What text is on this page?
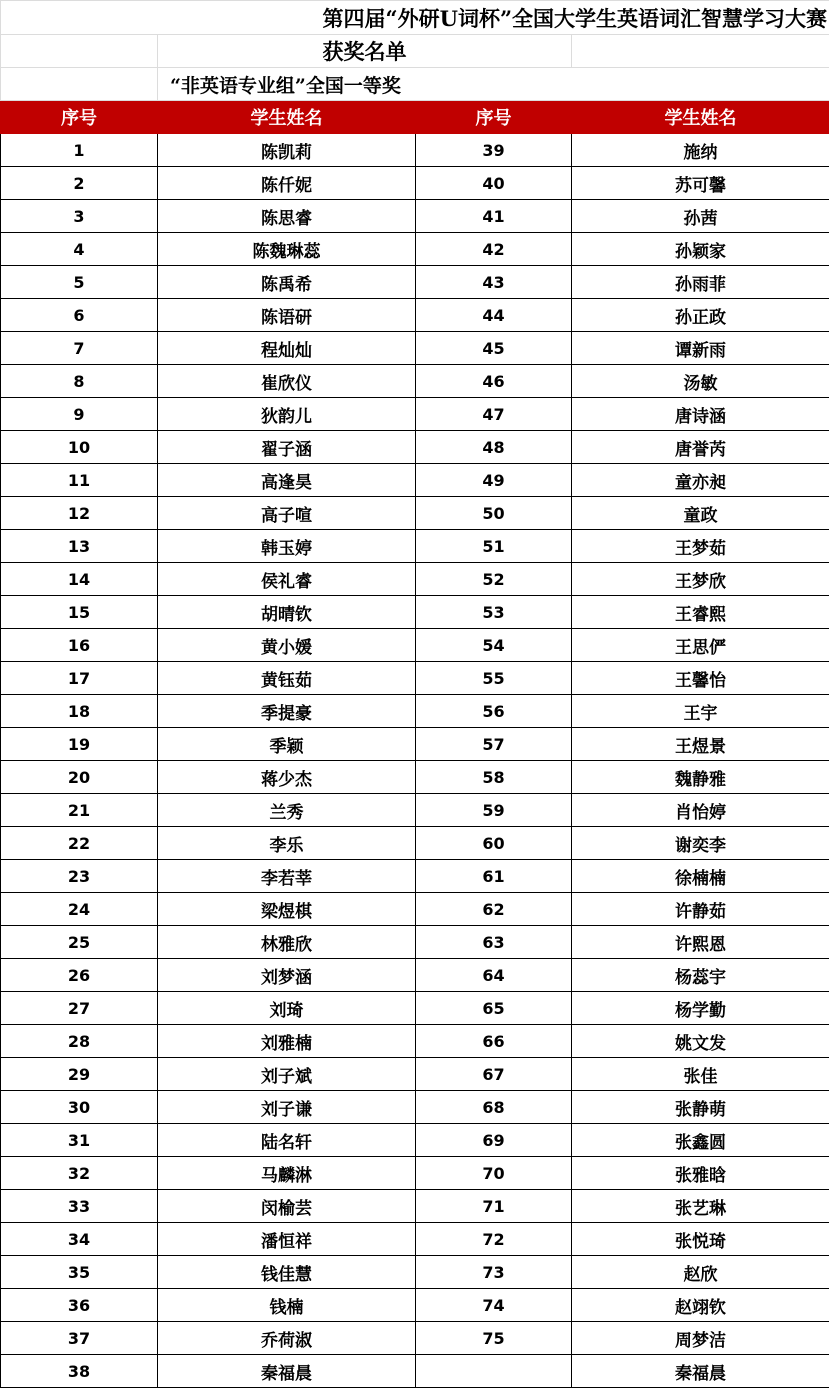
	第四届“外研U词杯”全国大学生英语词汇智慧学习大赛		
	获奖名单		
	“非英语专业组”全国一等奖		
序号	学生姓名	序号	学生姓名
1	陈凯莉	39	施纳
2	陈仟妮	40	苏可馨
3	陈思睿	41	孙茜
4	陈魏琳蕊	42	孙颖家
5	陈禹希	43	孙雨菲
6	陈语研	44	孙正政
7	程灿灿	45	谭新雨
8	崔欣仪	46	汤敏
9	狄韵儿	47	唐诗涵
10	翟子涵	48	唐誉芮
11	高逢昊	49	童亦昶
12	高子喧	50	童政
13	韩玉婷	51	王梦茹
14	侯礼睿	52	王梦欣
15	胡晴钦	53	王睿熙
16	黄小媛	54	王思俨
17	黄钰茹	55	王馨怡
18	季提豪	56	王宇
19	季颖	57	王煜景
20	蒋少杰	58	魏静雅
21	兰秀	59	肖怡婷
22	李乐	60	谢奕李
23	李若莘	61	徐楠楠
24	梁煜棋	62	许静茹
25	林雅欣	63	许熙恩
26	刘梦涵	64	杨蕊宇
27	刘琦	65	杨学勤
28	刘雅楠	66	姚文发
29	刘子斌	67	张佳
30	刘子谦	68	张静萌
31	陆名轩	69	张鑫圆
32	马麟淋	70	张雅晗
33	闵榆芸	71	张艺琳
34	潘恒祥	72	张悦琦
35	钱佳慧	73	赵欣
36	钱楠	74	赵翊钦
37	乔荷淑	75	周梦洁
38	秦福晨		秦福晨
